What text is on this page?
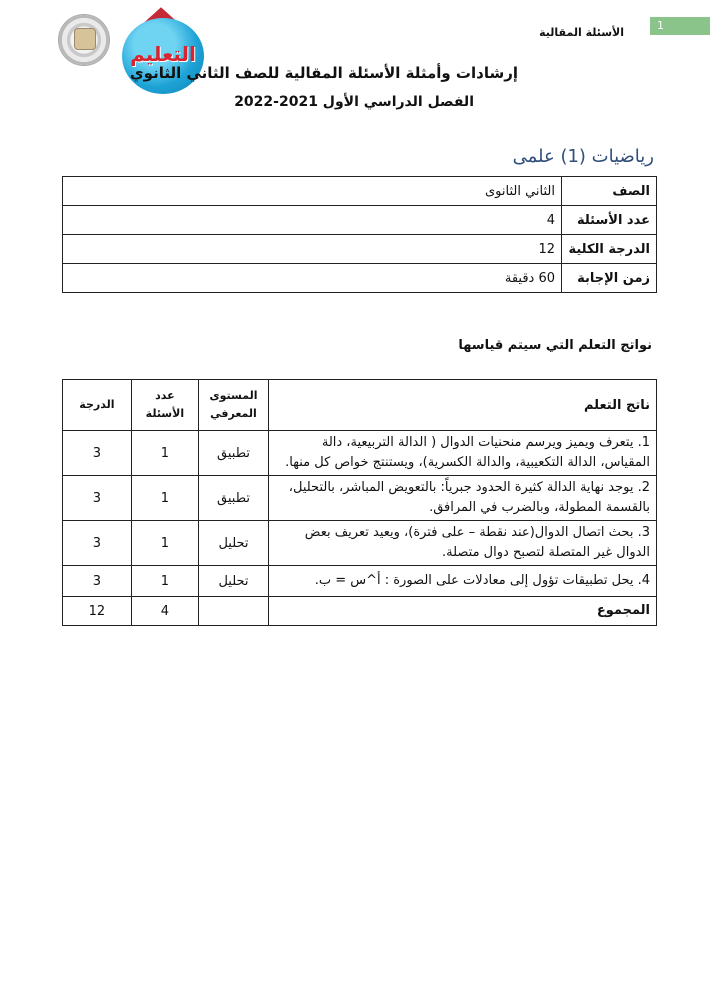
1
الأسئلة المقالية
التعليم
إرشادات وأمثلة الأسئلة المقالية للصف الثاني الثانوي
الفصل الدراسي الأول 2021-2022
رياضيات (1) علمى
الصف	الثاني الثانوى
عدد الأسئلة	4
الدرجة الكلية	12
زمن الإجابة	60 دقيقة
نواتج التعلم التي سيتم قياسها
ناتج التعلم	المستوى المعرفي	عدد الأسئلة	الدرجة
1. يتعرف ويميز ويرسم منحنيات الدوال ( الدالة التربيعية، دالة المقياس، الدالة التكعيبية، والدالة الكسرية)، ويستنتج خواص كل منها.	تطبيق	1	3
2. يوجد نهاية الدالة كثيرة الحدود جبرياً: بالتعويض المباشر، بالتحليل، بالقسمة المطولة، وبالضرب في المرافق.	تطبيق	1	3
3. بحث اتصال الدوال(عند نقطة – على فترة)، ويعيد تعريف بعض الدوال غير المتصلة لتصبح دوال متصلة.	تحليل	1	3
4. يحل تطبيقات تؤول إلى معادلات على الصورة : أ^س = ب.	تحليل	1	3
المجموع		4	12
